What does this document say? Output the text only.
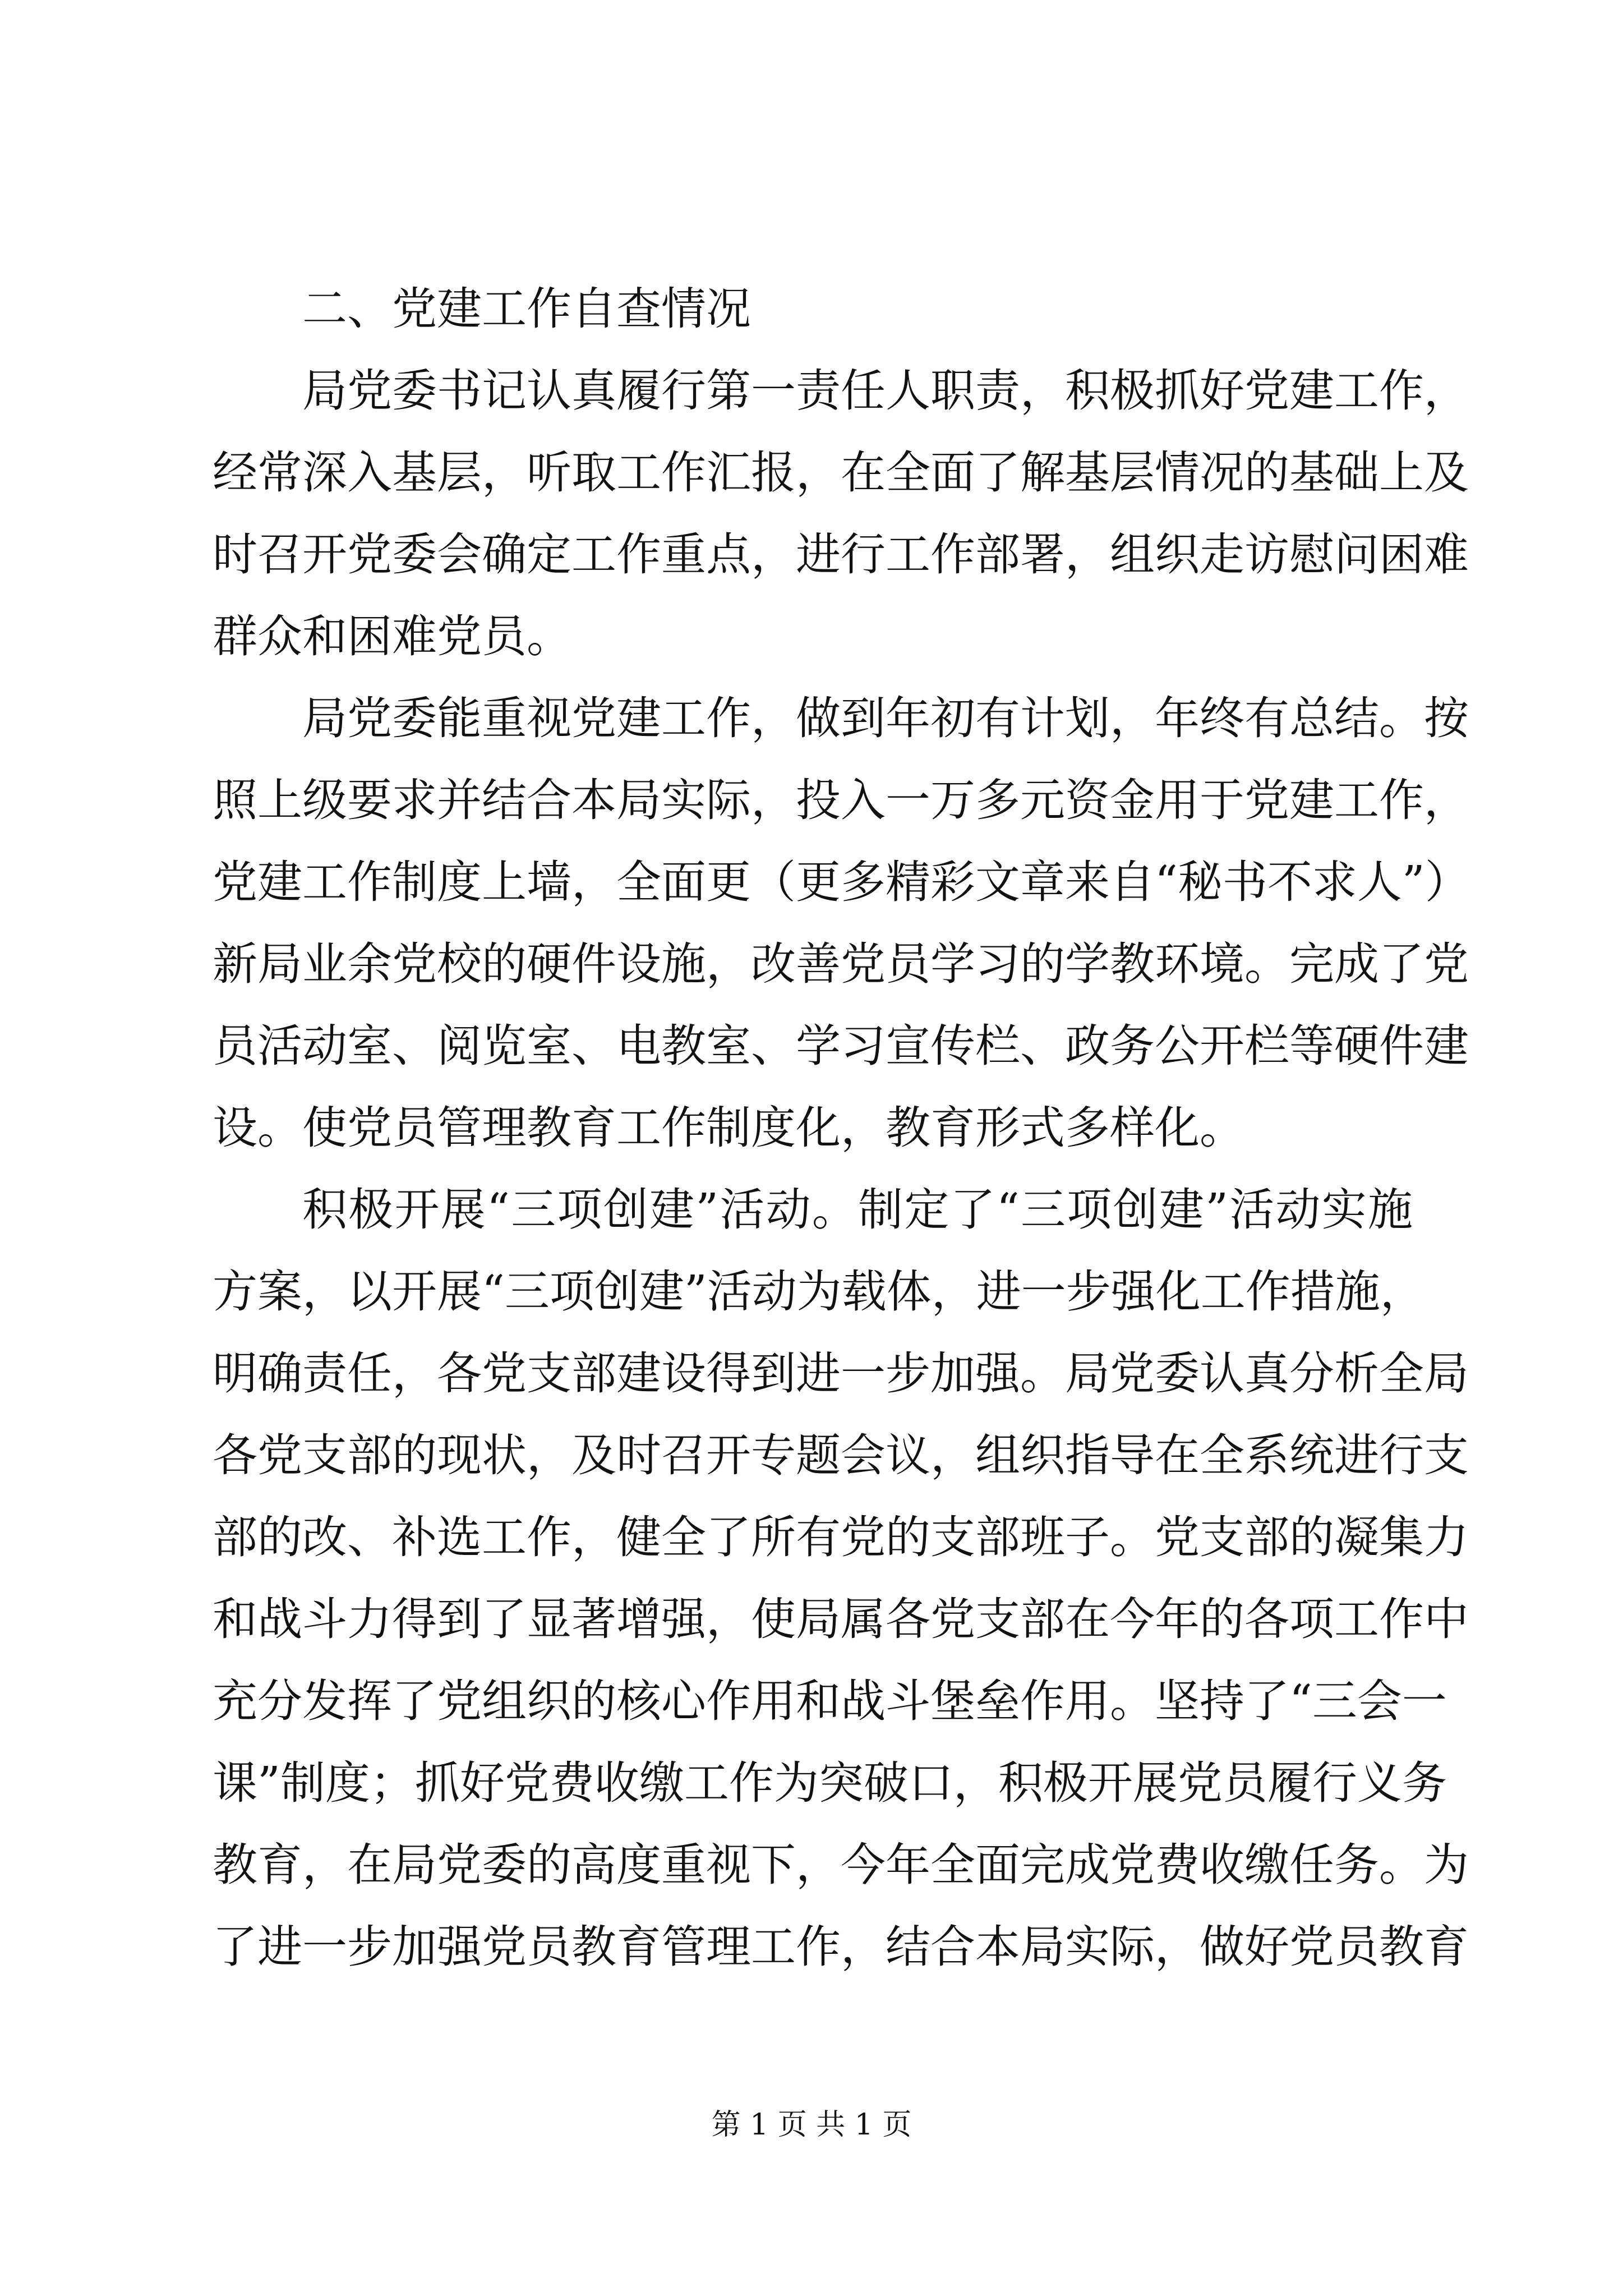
二、党建工作自查情况
局党委书记认真履行第一责任人职责，积极抓好党建工作，
经常深入基层，听取工作汇报，在全面了解基层情况的基础上及
时召开党委会确定工作重点，进行工作部署，组织走访慰问困难
群众和困难党员。
局党委能重视党建工作，做到年初有计划，年终有总结。按
照上级要求并结合本局实际，投入一万多元资金用于党建工作，
党建工作制度上墙，全面更（更多精彩文章来自“秘书不求人”）
新局业余党校的硬件设施，改善党员学习的学教环境。完成了党
员活动室、阅览室、电教室、学习宣传栏、政务公开栏等硬件建
设。使党员管理教育工作制度化，教育形式多样化。
积极开展“三项创建”活动。制定了“三项创建”活动实施
方案，以开展“三项创建”活动为载体，进一步强化工作措施，
明确责任，各党支部建设得到进一步加强。局党委认真分析全局
各党支部的现状，及时召开专题会议，组织指导在全系统进行支
部的改、补选工作，健全了所有党的支部班子。党支部的凝集力
和战斗力得到了显著增强，使局属各党支部在今年的各项工作中
充分发挥了党组织的核心作用和战斗堡垒作用。坚持了“三会一
课”制度；抓好党费收缴工作为突破口，积极开展党员履行义务
教育，在局党委的高度重视下，今年全面完成党费收缴任务。为
了进一步加强党员教育管理工作，结合本局实际，做好党员教育
第 1 页 共 1 页
